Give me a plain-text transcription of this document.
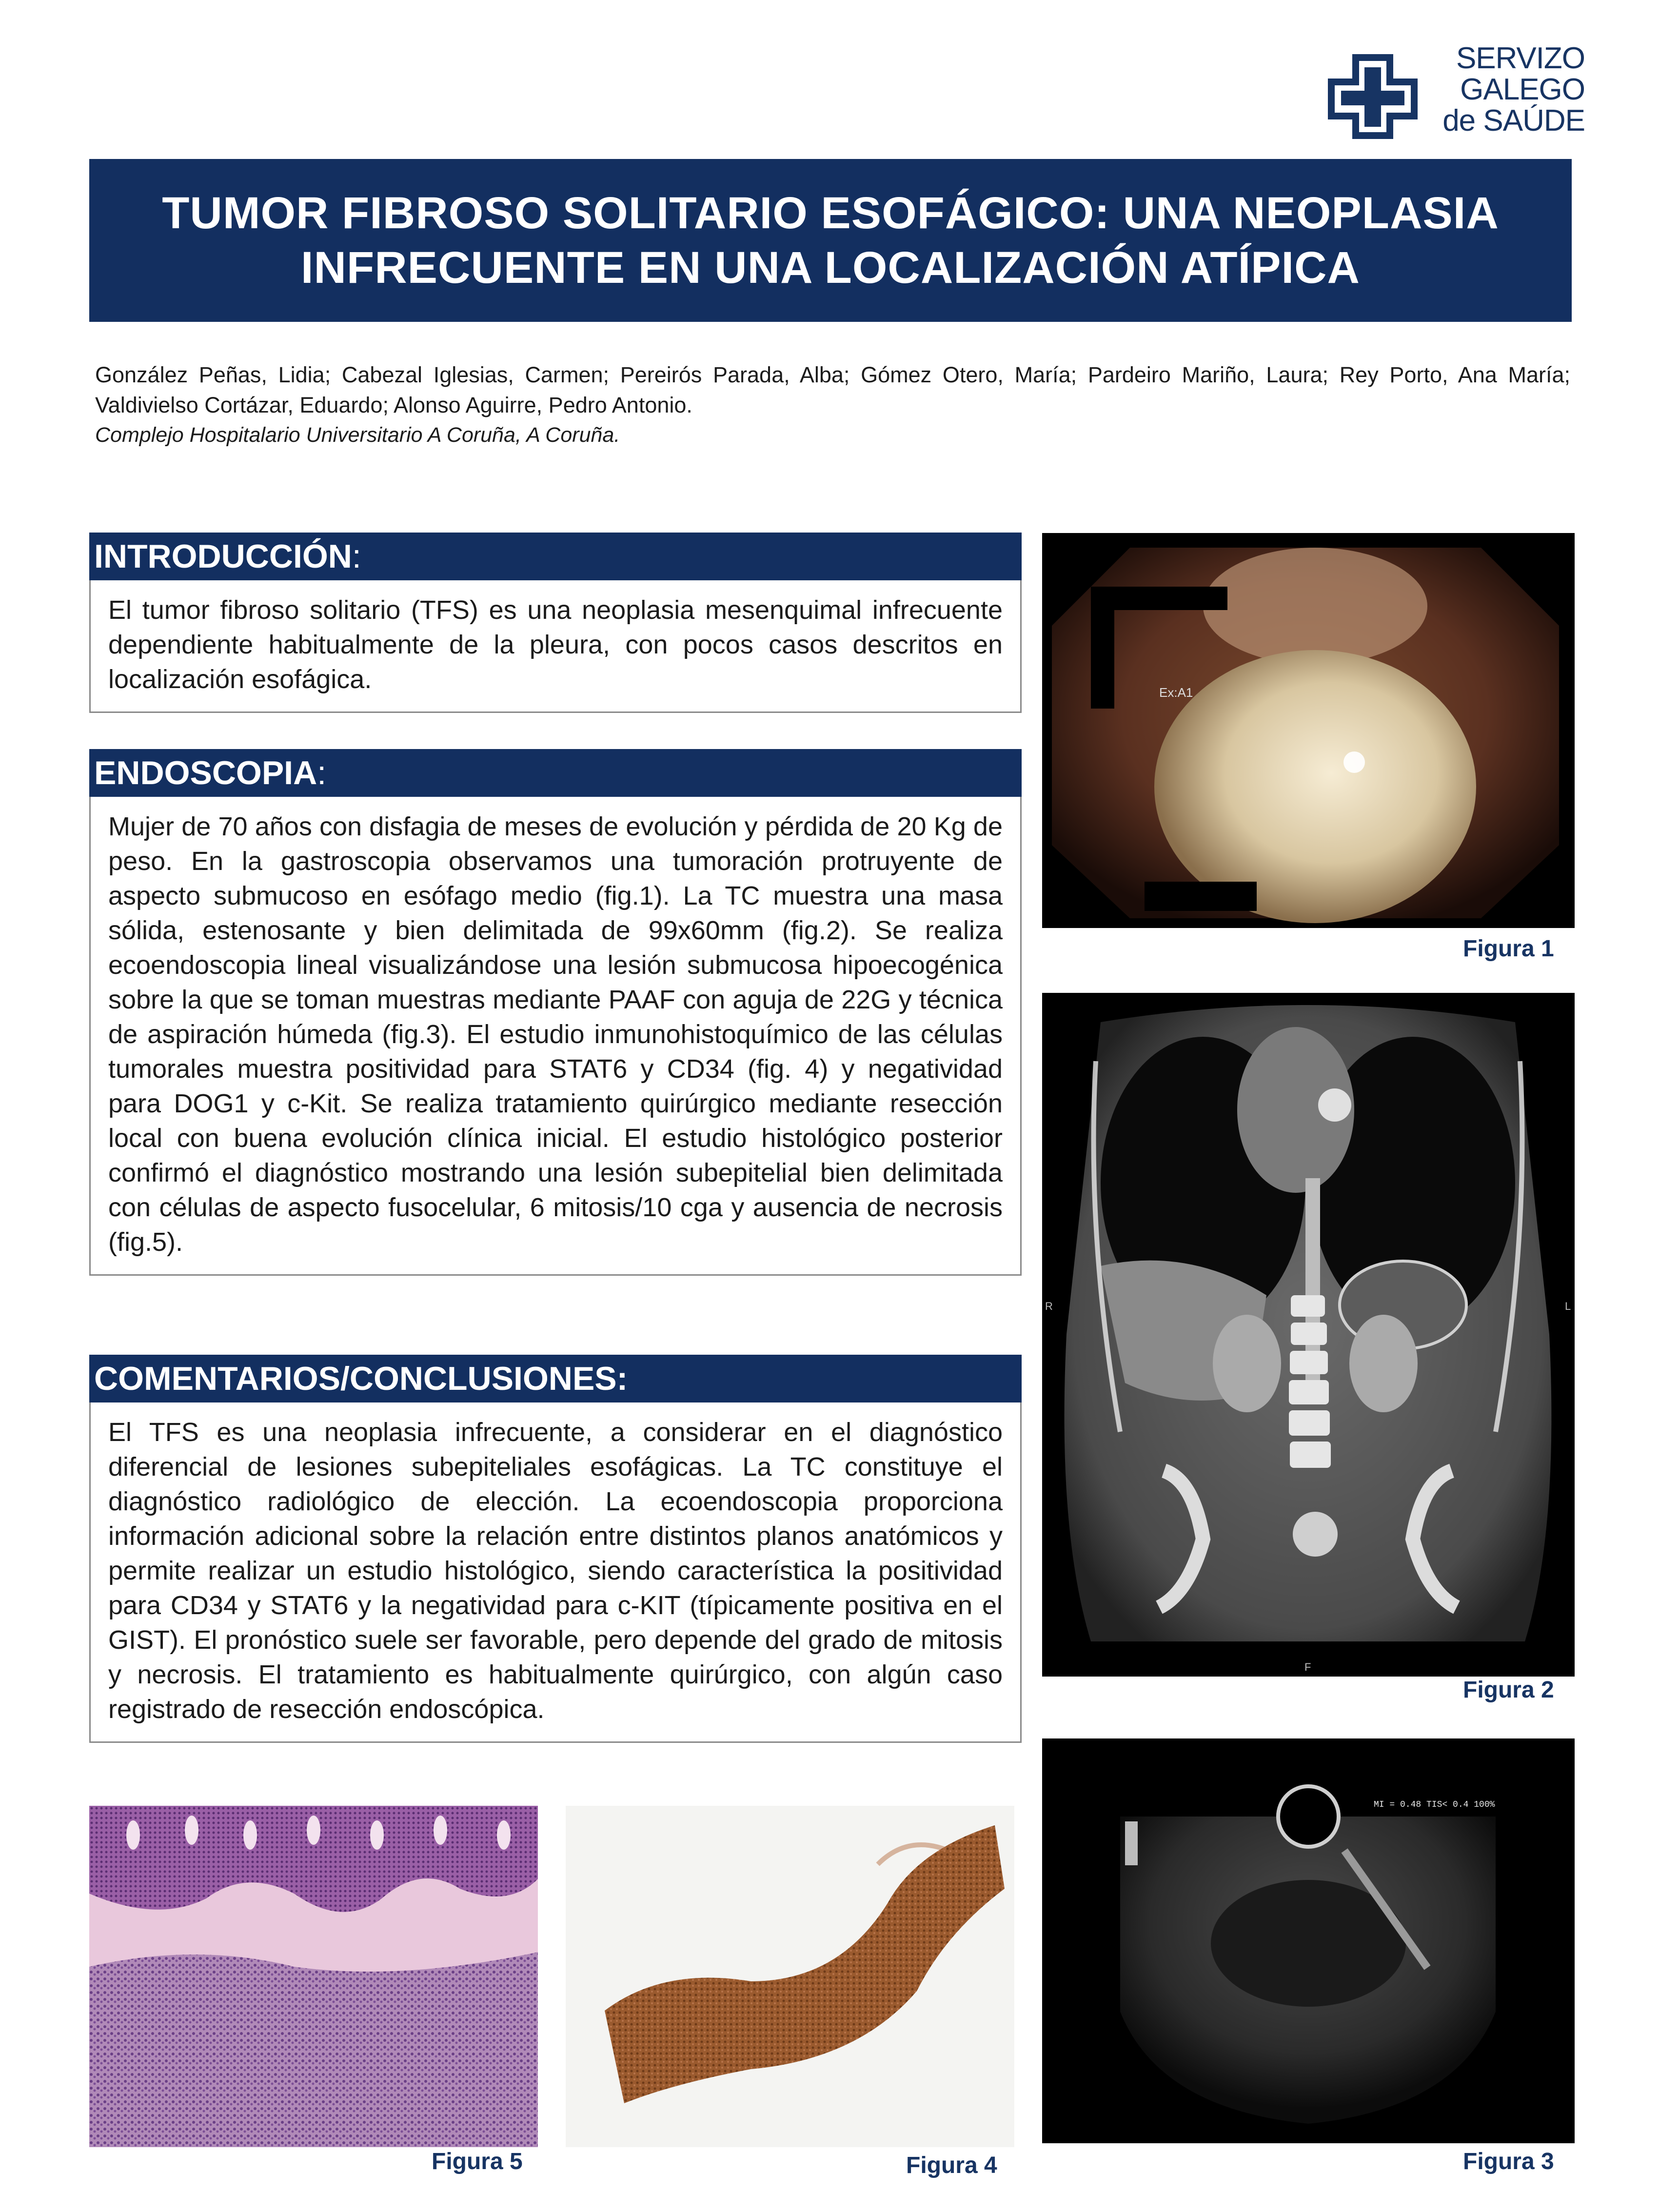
SERVIZO
GALEGO
de SAÚDE
TUMOR FIBROSO SOLITARIO ESOFÁGICO: UNA NEOPLASIA
INFRECUENTE EN UNA LOCALIZACIÓN ATÍPICA
González Peñas, Lidia; Cabezal Iglesias, Carmen; Pereirós Parada, Alba; Gómez Otero, María; Pardeiro Mariño, Laura; Rey Porto, Ana María; Valdivielso Cortázar, Eduardo; Alonso Aguirre, Pedro Antonio.
Complejo Hospitalario Universitario A Coruña, A Coruña.
INTRODUCCIÓN:
El tumor fibroso solitario (TFS) es una neoplasia mesenquimal infrecuente dependiente habitualmente de la pleura, con pocos casos descritos en localización esofágica.
ENDOSCOPIA:
Mujer de 70 años con disfagia de meses de evolución y pérdida de 20 Kg de peso. En la gastroscopia observamos una tumoración protruyente de aspecto submucoso en esófago medio (fig.1). La TC muestra una masa sólida, estenosante y bien delimitada de 99x60mm (fig.2). Se realiza ecoendoscopia lineal visualizándose una lesión submucosa hipoecogénica sobre la que se toman muestras mediante PAAF con aguja de 22G y técnica de aspiración húmeda (fig.3). El estudio inmunohistoquímico de las células tumorales muestra positividad para STAT6 y CD34 (fig. 4) y negatividad para DOG1 y c-Kit. Se realiza tratamiento quirúrgico mediante resección local con buena evolución clínica inicial. El estudio histológico posterior confirmó el diagnóstico mostrando una lesión subepitelial bien delimitada con células de aspecto fusocelular, 6 mitosis/10 cga y ausencia de necrosis (fig.5).
COMENTARIOS/CONCLUSIONES:
El TFS es una neoplasia infrecuente, a considerar en el diagnóstico diferencial de lesiones subepiteliales esofágicas. La TC constituye el diagnóstico radiológico de elección. La ecoendoscopia proporciona información adicional sobre la relación entre distintos planos anatómicos y permite realizar un estudio histológico, siendo característica la positividad para CD34 y STAT6 y la negatividad para c-KIT (típicamente positiva en el GIST). El pronóstico suele ser favorable, pero depende del grado de mitosis y necrosis. El tratamiento es habitualmente quirúrgico, con algún caso registrado de resección endoscópica.
Ex:A1
Figura 1
R	L
F
Figura 2
MI = 0.48 TIS< 0.4 100%
Figura 3
Figura 5	Figura 4
